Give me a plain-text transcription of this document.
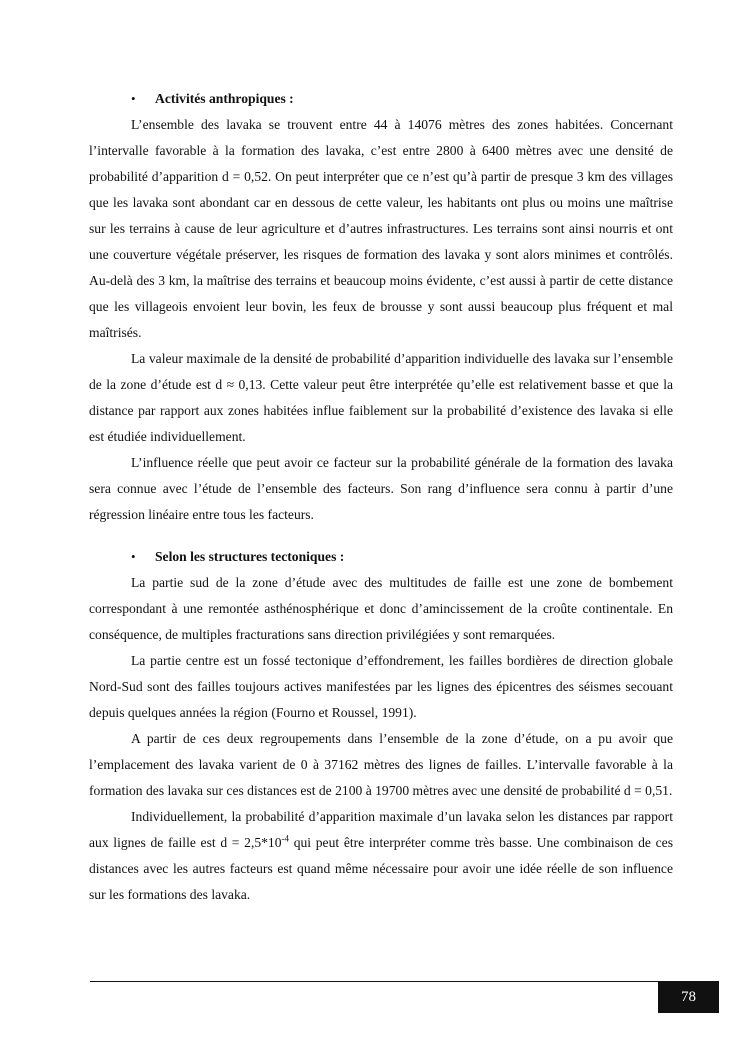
•	Activités anthropiques :

L’ensemble des lavaka se trouvent entre 44 à 14076 mètres des zones habitées. Concernant l’intervalle favorable à la formation des lavaka, c’est entre 2800 à 6400 mètres avec une densité de probabilité d’apparition d = 0,52. On peut interpréter que ce n’est qu’à partir de presque 3 km des villages que les lavaka sont abondant car en dessous de cette valeur, les habitants ont plus ou moins une maîtrise sur les terrains à cause de leur agriculture et d’autres infrastructures. Les terrains sont ainsi nourris et ont une couverture végétale préserver, les risques de formation des lavaka y sont alors minimes et contrôlés. Au-delà des 3 km, la maîtrise des terrains et beaucoup moins évidente, c’est aussi à partir de cette distance que les villageois envoient leur bovin, les feux de brousse y sont aussi beaucoup plus fréquent et mal maîtrisés.

La valeur maximale de la densité de probabilité d’apparition individuelle des lavaka sur l’ensemble de la zone d’étude est d ≈ 0,13. Cette valeur peut être interprétée qu’elle est relativement basse et que la distance par rapport aux zones habitées influe faiblement sur la probabilité d’existence des lavaka si elle est étudiée individuellement.

L’influence réelle que peut avoir ce facteur sur la probabilité générale de la formation des lavaka sera connue avec l’étude de l’ensemble des facteurs. Son rang d’influence sera connu à partir d’une régression linéaire entre tous les facteurs.

•	Selon les structures tectoniques :

La partie sud de la zone d’étude avec des multitudes de faille est une zone de bombement correspondant à une remontée asthénosphérique et donc d’amincissement de la croûte continentale. En conséquence, de multiples fracturations sans direction privilégiées y sont remarquées.

La partie centre est un fossé tectonique d’effondrement, les failles bordières de direction globale Nord-Sud sont des failles toujours actives manifestées par les lignes des épicentres des séismes secouant depuis quelques années la région (Fourno et Roussel, 1991).

A partir de ces deux regroupements dans l’ensemble de la zone d’étude, on a pu avoir que l’emplacement des lavaka varient de 0 à 37162 mètres des lignes de failles. L’intervalle favorable à la formation des lavaka sur ces distances est de 2100 à 19700 mètres avec une densité de probabilité d = 0,51.

Individuellement, la probabilité d’apparition maximale d’un lavaka selon les distances par rapport aux lignes de faille est $d = 2,5*10^{-4}$ qui peut être interpréter comme très basse. Une combinaison de ces distances avec les autres facteurs est quand même nécessaire pour avoir une idée réelle de son influence sur les formations des lavaka.

78
